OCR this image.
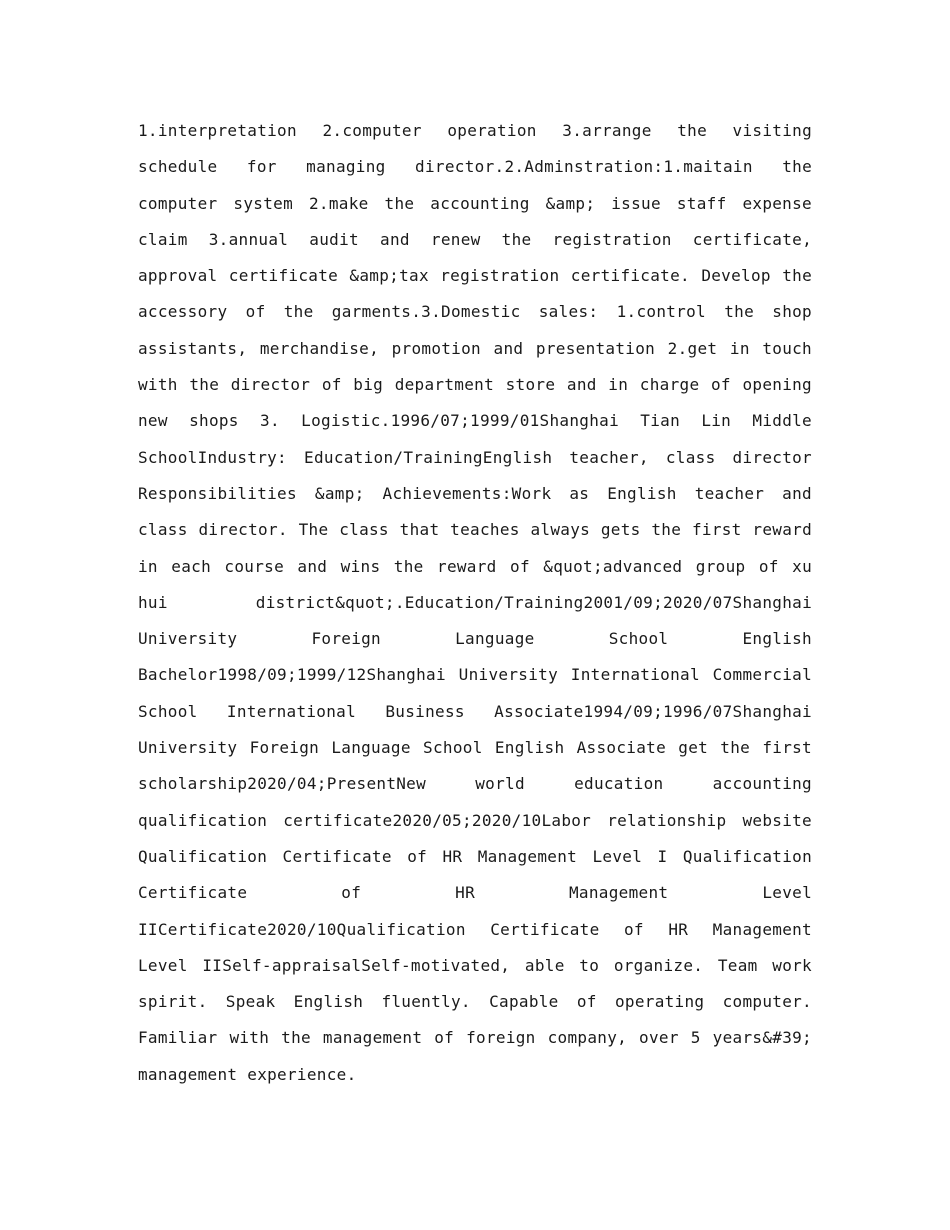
1.interpretation 2.computer operation 3.arrange the visiting schedule for managing director.2.Adminstration:1.maitain the computer system 2.make the accounting &amp; issue staff expense claim 3.annual audit and renew the registration certificate, approval certificate &amp;tax registration certificate. Develop the accessory of the garments.3.Domestic sales: 1.control the shop assistants, merchandise, promotion and presentation 2.get in touch with the director of big department store and in charge of opening new shops 3. Logistic.1996/07;1999/01Shanghai Tian Lin Middle SchoolIndustry: Education/TrainingEnglish teacher, class director Responsibilities &amp; Achievements:Work as English teacher and class director. The class that teaches always gets the first reward in each course and wins the reward of &quot;advanced group of xu hui district&quot;.Education/Training2001/09;2020/07Shanghai University Foreign Language School English Bachelor1998/09;1999/12Shanghai University International Commercial School International Business Associate1994/09;1996/07Shanghai University Foreign Language School English Associate get the first scholarship2020/04;PresentNew world education accounting qualification certificate2020/05;2020/10Labor relationship website Qualification Certificate of HR Management Level I Qualification Certificate of HR Management Level IICertificate2020/10Qualification Certificate of HR Management Level IISelf-appraisalSelf-motivated, able to organize. Team work spirit. Speak English fluently. Capable of operating computer. Familiar with the management of foreign company, over 5 years&#39; management experience.
